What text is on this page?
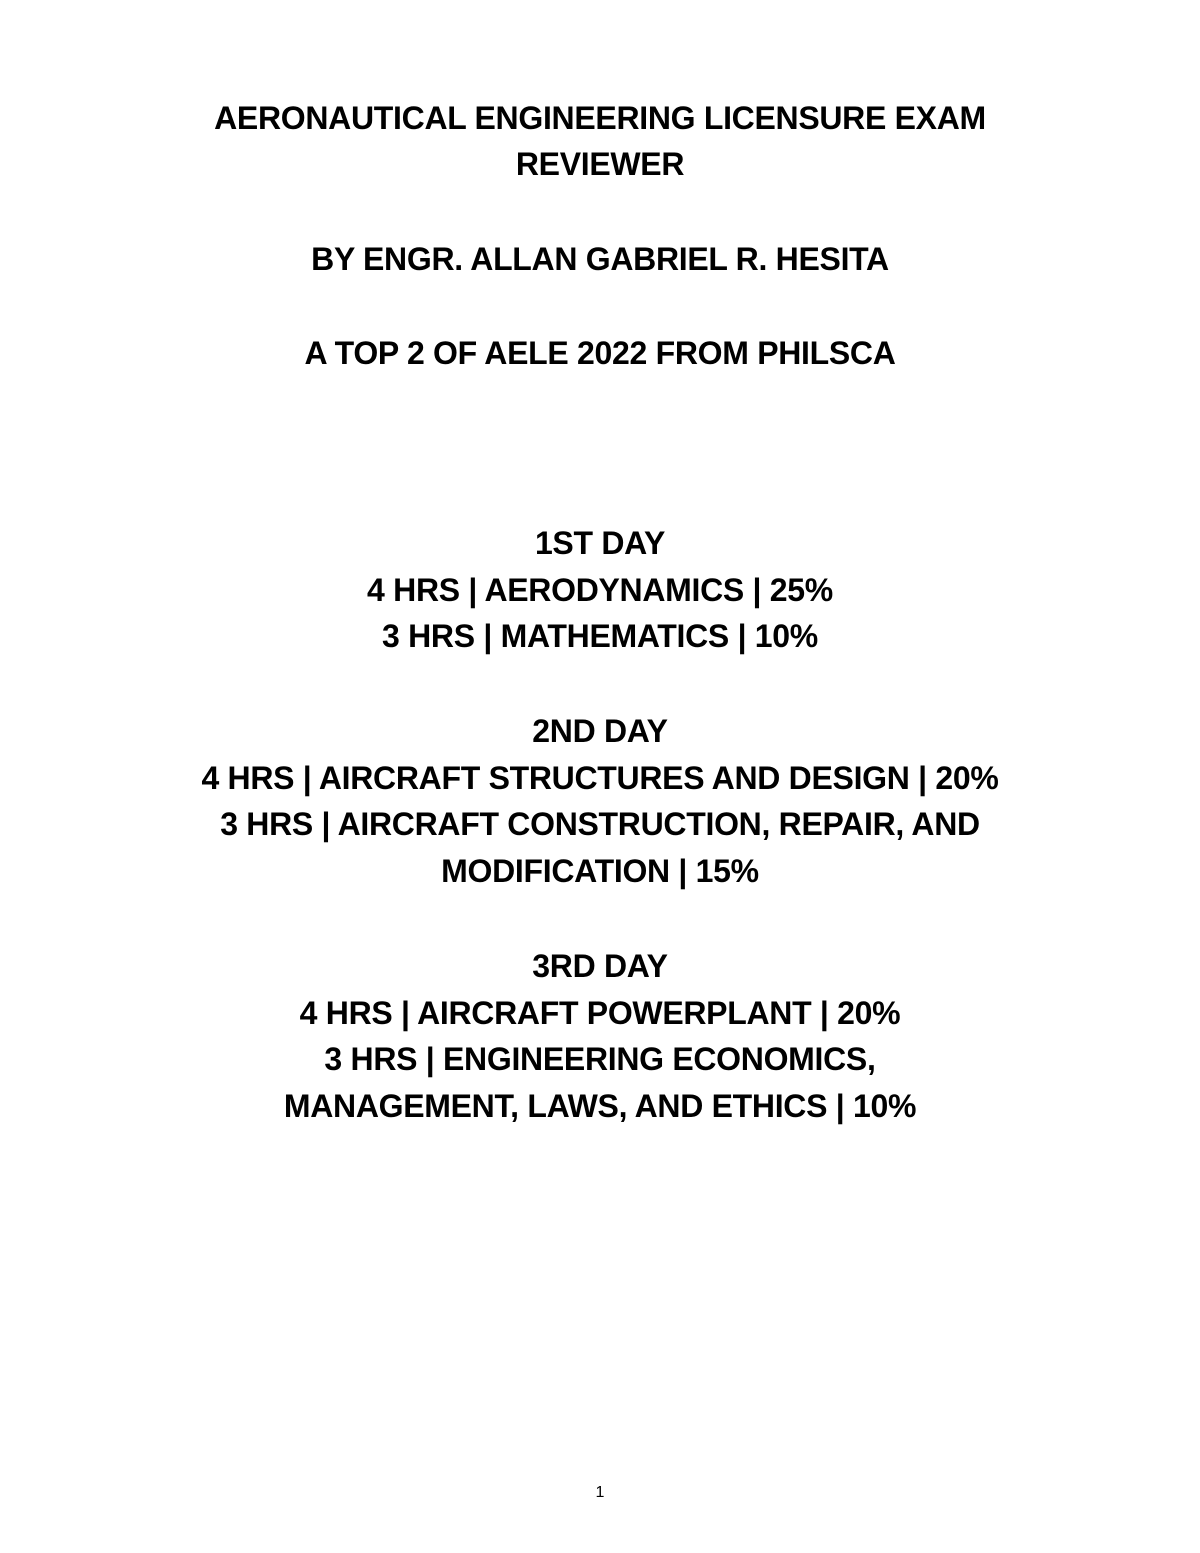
AERONAUTICAL ENGINEERING LICENSURE EXAM
REVIEWER
BY ENGR. ALLAN GABRIEL R. HESITA
A TOP 2 OF AELE 2022 FROM PHILSCA
1ST DAY
4 HRS | AERODYNAMICS | 25%
3 HRS | MATHEMATICS | 10%
2ND DAY
4 HRS | AIRCRAFT STRUCTURES AND DESIGN | 20%
3 HRS | AIRCRAFT CONSTRUCTION, REPAIR, AND
MODIFICATION | 15%
3RD DAY
4 HRS | AIRCRAFT POWERPLANT | 20%
3 HRS | ENGINEERING ECONOMICS,
MANAGEMENT, LAWS, AND ETHICS | 10%
1
